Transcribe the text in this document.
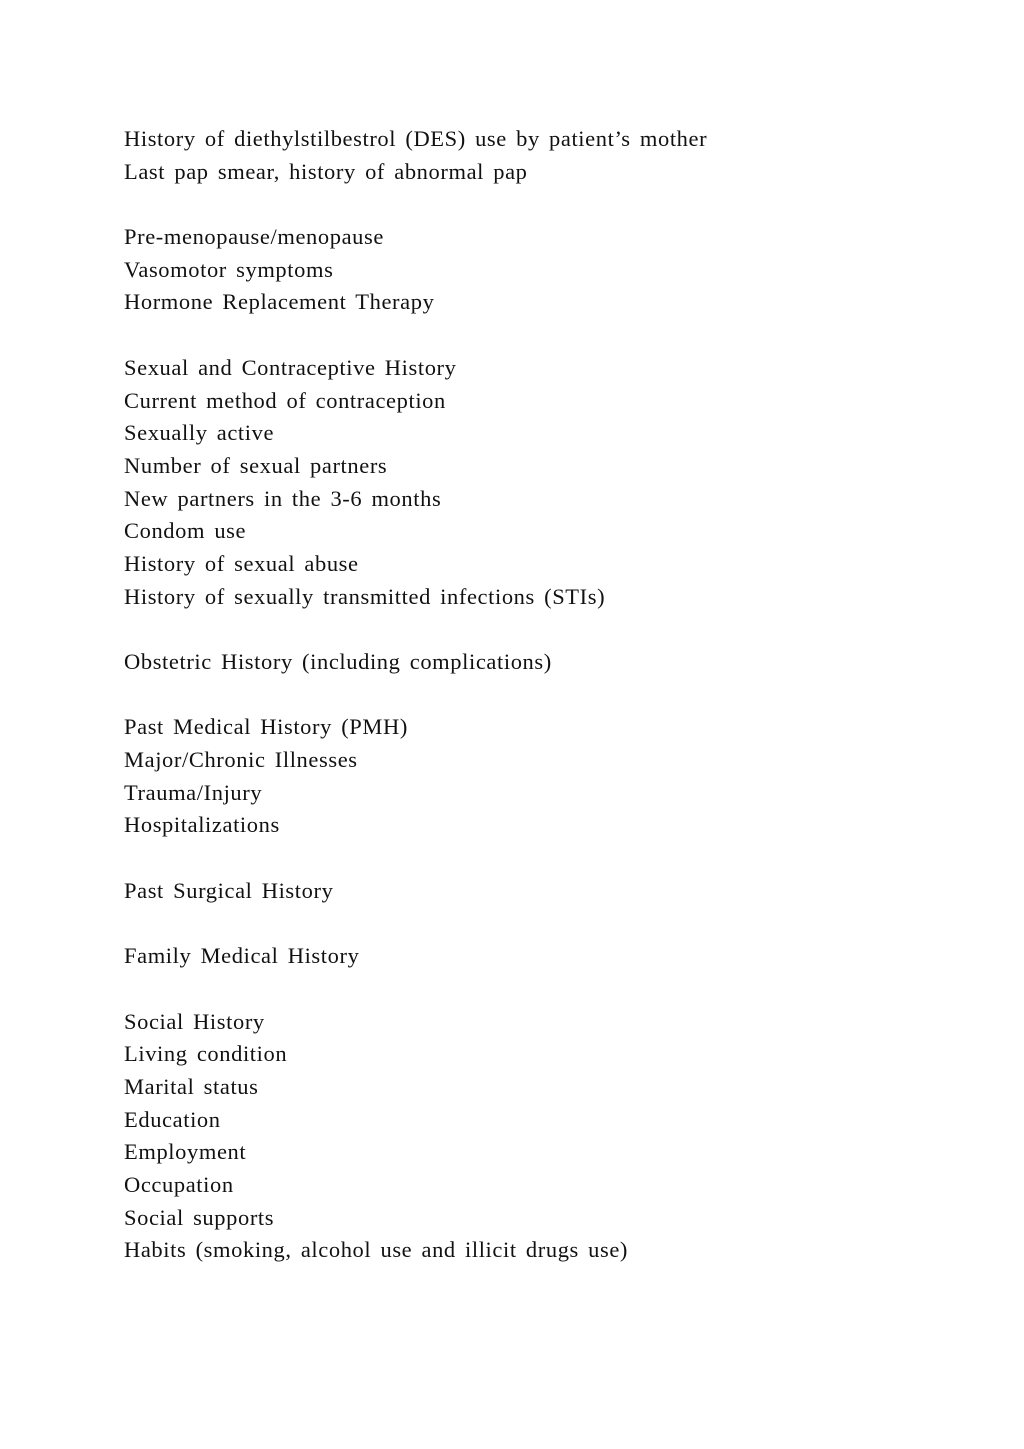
History of diethylstilbestrol (DES) use by patient’s mother
Last pap smear, history of abnormal pap
Pre-menopause/menopause
Vasomotor symptoms
Hormone Replacement Therapy
Sexual and Contraceptive History
Current method of contraception
Sexually active
Number of sexual partners
New partners in the 3-6 months
Condom use
History of sexual abuse
History of sexually transmitted infections (STIs)
Obstetric History (including complications)
Past Medical History (PMH)
Major/Chronic Illnesses
Trauma/Injury
Hospitalizations
Past Surgical History
Family Medical History
Social History
Living condition
Marital status
Education
Employment
Occupation
Social supports
Habits (smoking, alcohol use and illicit drugs use)
